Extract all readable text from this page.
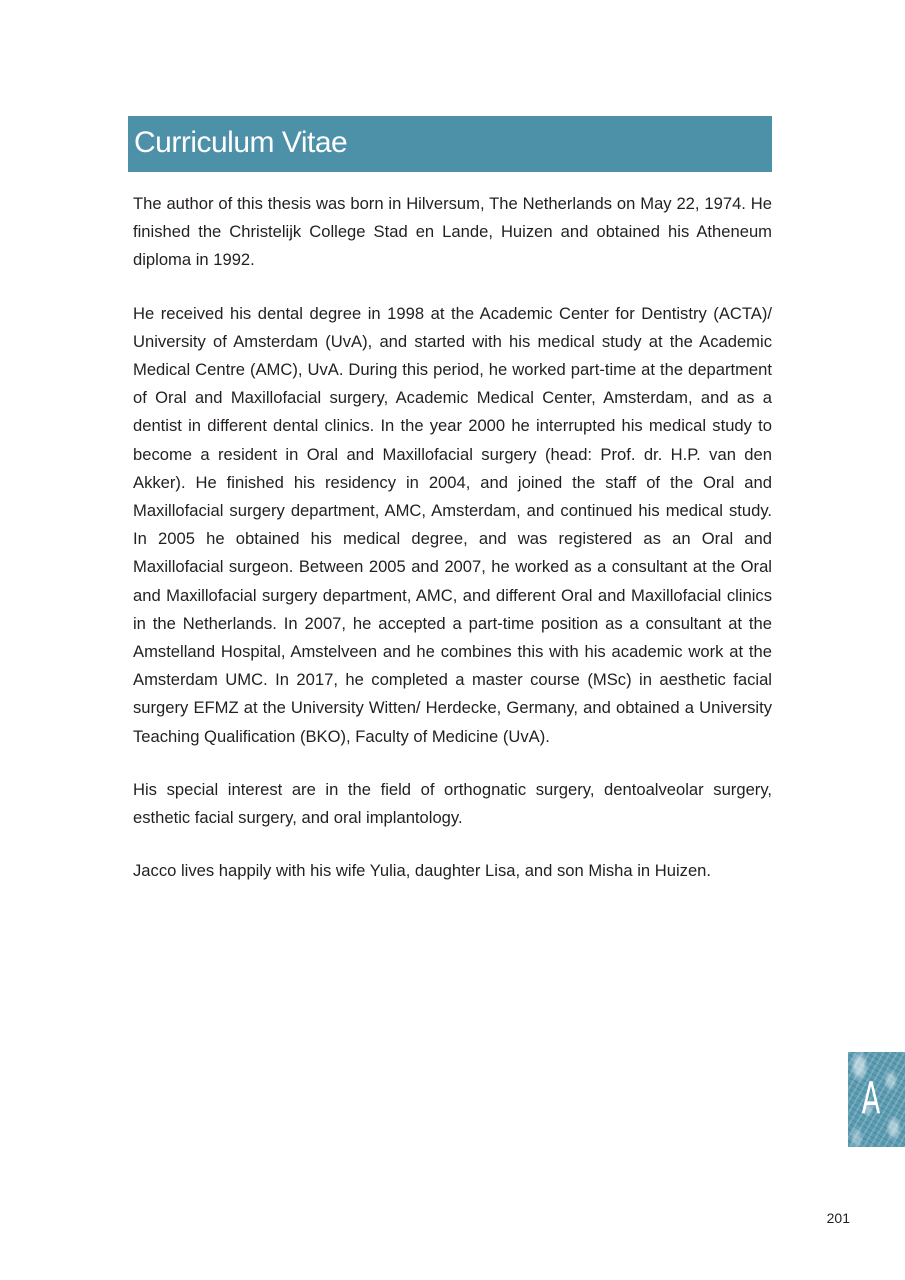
Curriculum Vitae

The author of this thesis was born in Hilversum, The Netherlands on May 22, 1974. He finished the Christelijk College Stad en Lande, Huizen and obtained his Atheneum diploma in 1992.

He received his dental degree in 1998 at the Academic Center for Dentistry (ACTA)/ University of Amsterdam (UvA), and started with his medical study at the Academic Medical Centre (AMC), UvA. During this period, he worked part-time at the department of Oral and Maxillofacial surgery, Academic Medical Center, Amsterdam, and as a dentist in different dental clinics. In the year 2000 he interrupted his medical study to become a resident in Oral and Maxillofacial surgery (head: Prof. dr. H.P. van den Akker). He finished his residency in 2004, and joined the staff of the Oral and Maxillofacial surgery department, AMC, Amsterdam, and continued his medical study. In 2005 he obtained his medical degree, and was registered as an Oral and Maxillofacial surgeon. Between 2005 and 2007, he worked as a consultant at the Oral and Maxillofacial surgery department, AMC, and different Oral and Maxillofacial clinics in the Netherlands. In 2007, he accepted a part-time position as a consultant at the Amstelland Hospital, Amstelveen and he combines this with his academic work at the Amsterdam UMC. In 2017, he completed a master course (MSc) in aesthetic facial surgery EFMZ at the University Witten/ Herdecke, Germany, and obtained a University Teaching Qualification (BKO), Faculty of Medicine (UvA).

His special interest are in the field of orthognatic surgery, dentoalveolar surgery, esthetic facial surgery, and oral implantology.

Jacco lives happily with his wife Yulia, daughter Lisa, and son Misha in Huizen.

A
201
